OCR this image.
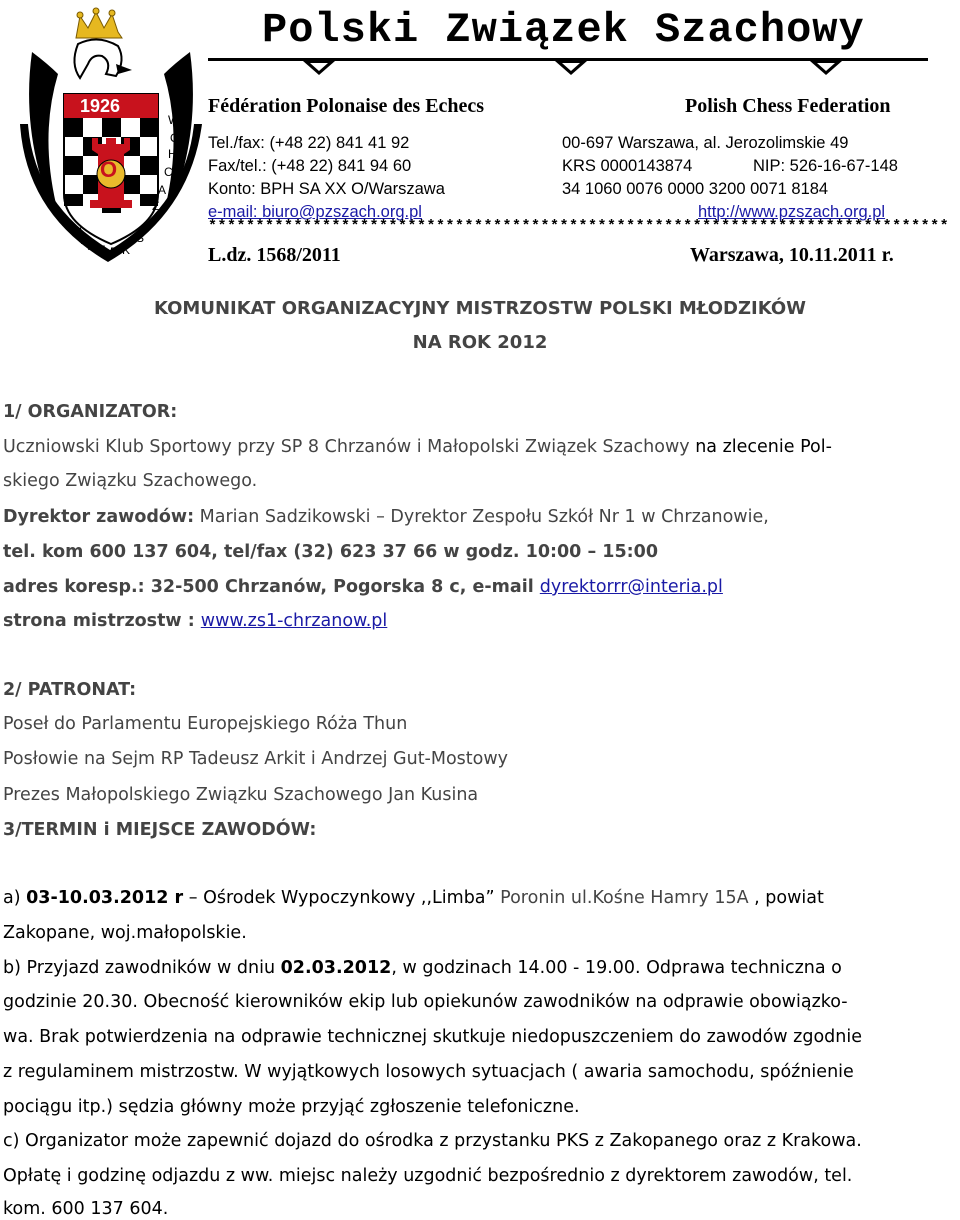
P
O
L
S
K
I
Z
W
I Ą Z E K
W
O
H
C
A
Z
S
1926
O
Polski Związek Szachowy
Fédération Polonaise des Echecs	Polish Chess Federation
Tel./fax: (+48 22) 841 41 92
Fax/tel.: (+48 22) 841 94 60
Konto: BPH SA XX O/Warszawa
e-mail: biuro@pzszach.org.pl
00-697 Warszawa, al. Jerozolimskie 49
KRS 0000143874	NIP: 526-16-67-148
34 1060 0076 0000 3200 0071 8184
http://www.pzszach.org.pl
******************************************************************************
L.dz. 1568/2011	Warszawa, 10.11.2011 r.
KOMUNIKAT ORGANIZACYJNY MISTRZOSTW POLSKI MŁODZIKÓW
NA ROK 2012
1/ ORGANIZATOR:
Uczniowski Klub Sportowy przy SP 8 Chrzanów i Małopolski Związek Szachowy na zlecenie Pol-
skiego Związku Szachowego.
Dyrektor zawodów: Marian Sadzikowski – Dyrektor Zespołu Szkół Nr 1 w Chrzanowie,
tel. kom 600 137 604, tel/fax (32) 623 37 66 w godz. 10:00 – 15:00
adres koresp.: 32-500 Chrzanów, Pogorska 8 c, e-mail dyrektorrr@interia.pl
strona mistrzostw : www.zs1-chrzanow.pl
2/ PATRONAT:
Poseł do Parlamentu Europejskiego Róża Thun
Posłowie na Sejm RP Tadeusz Arkit i Andrzej Gut-Mostowy
Prezes Małopolskiego Związku Szachowego Jan Kusina
3/TERMIN i MIEJSCE ZAWODÓW:
a) 03-10.03.2012 r – Ośrodek Wypoczynkowy ,,Limba” Poronin ul.Kośne Hamry 15A , powiat
Zakopane, woj.małopolskie.
b) Przyjazd zawodników w dniu 02.03.2012, w godzinach 14.00 - 19.00. Odprawa techniczna o
godzinie 20.30. Obecność kierowników ekip lub opiekunów zawodników na odprawie obowiązko-
wa. Brak potwierdzenia na odprawie technicznej skutkuje niedopuszczeniem do zawodów zgodnie
z regulaminem mistrzostw. W wyjątkowych losowych sytuacjach ( awaria samochodu, spóźnienie
pociągu itp.) sędzia główny może przyjąć zgłoszenie telefoniczne.
c) Organizator może zapewnić dojazd do ośrodka z przystanku PKS z Zakopanego oraz z Krakowa.
Opłatę i godzinę odjazdu z ww. miejsc należy uzgodnić bezpośrednio z dyrektorem zawodów, tel.
kom. 600 137 604.
